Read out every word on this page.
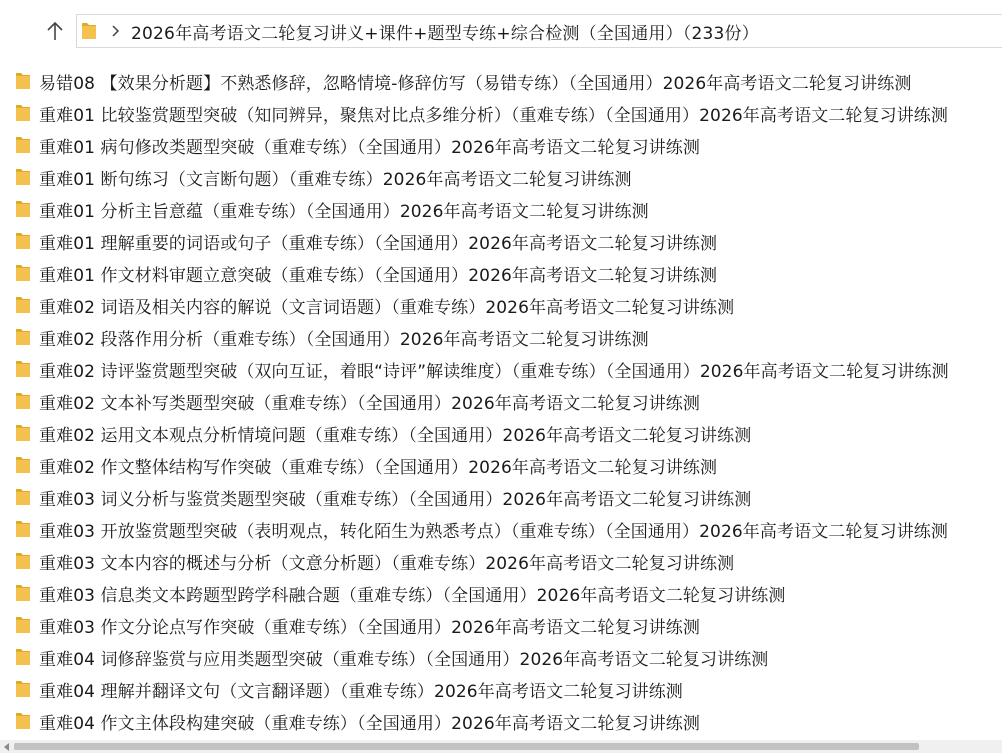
2026年高考语文二轮复习讲义+课件+题型专练+综合检测（全国通用）（233份）
易错08 【效果分析题】不熟悉修辞，忽略情境-修辞仿写（易错专练）（全国通用）2026年高考语文二轮复习讲练测
重难01 比较鉴赏题型突破（知同辨异，聚焦对比点多维分析）（重难专练）（全国通用）2026年高考语文二轮复习讲练测
重难01 病句修改类题型突破（重难专练）（全国通用）2026年高考语文二轮复习讲练测
重难01 断句练习（文言断句题）（重难专练）2026年高考语文二轮复习讲练测
重难01 分析主旨意蕴（重难专练）（全国通用）2026年高考语文二轮复习讲练测
重难01 理解重要的词语或句子（重难专练）（全国通用）2026年高考语文二轮复习讲练测
重难01 作文材料审题立意突破（重难专练）（全国通用）2026年高考语文二轮复习讲练测
重难02 词语及相关内容的解说（文言词语题）（重难专练）2026年高考语文二轮复习讲练测
重难02 段落作用分析（重难专练）（全国通用）2026年高考语文二轮复习讲练测
重难02 诗评鉴赏题型突破（双向互证，着眼“诗评”解读维度）（重难专练）（全国通用）2026年高考语文二轮复习讲练测
重难02 文本补写类题型突破（重难专练）（全国通用）2026年高考语文二轮复习讲练测
重难02 运用文本观点分析情境问题（重难专练）（全国通用）2026年高考语文二轮复习讲练测
重难02 作文整体结构写作突破（重难专练）（全国通用）2026年高考语文二轮复习讲练测
重难03 词义分析与鉴赏类题型突破（重难专练）（全国通用）2026年高考语文二轮复习讲练测
重难03 开放鉴赏题型突破（表明观点，转化陌生为熟悉考点）（重难专练）（全国通用）2026年高考语文二轮复习讲练测
重难03 文本内容的概述与分析（文意分析题）（重难专练）2026年高考语文二轮复习讲练测
重难03 信息类文本跨题型跨学科融合题（重难专练）（全国通用）2026年高考语文二轮复习讲练测
重难03 作文分论点写作突破（重难专练）（全国通用）2026年高考语文二轮复习讲练测
重难04 词修辞鉴赏与应用类题型突破（重难专练）（全国通用）2026年高考语文二轮复习讲练测
重难04 理解并翻译文句（文言翻译题）（重难专练）2026年高考语文二轮复习讲练测
重难04 作文主体段构建突破（重难专练）（全国通用）2026年高考语文二轮复习讲练测
